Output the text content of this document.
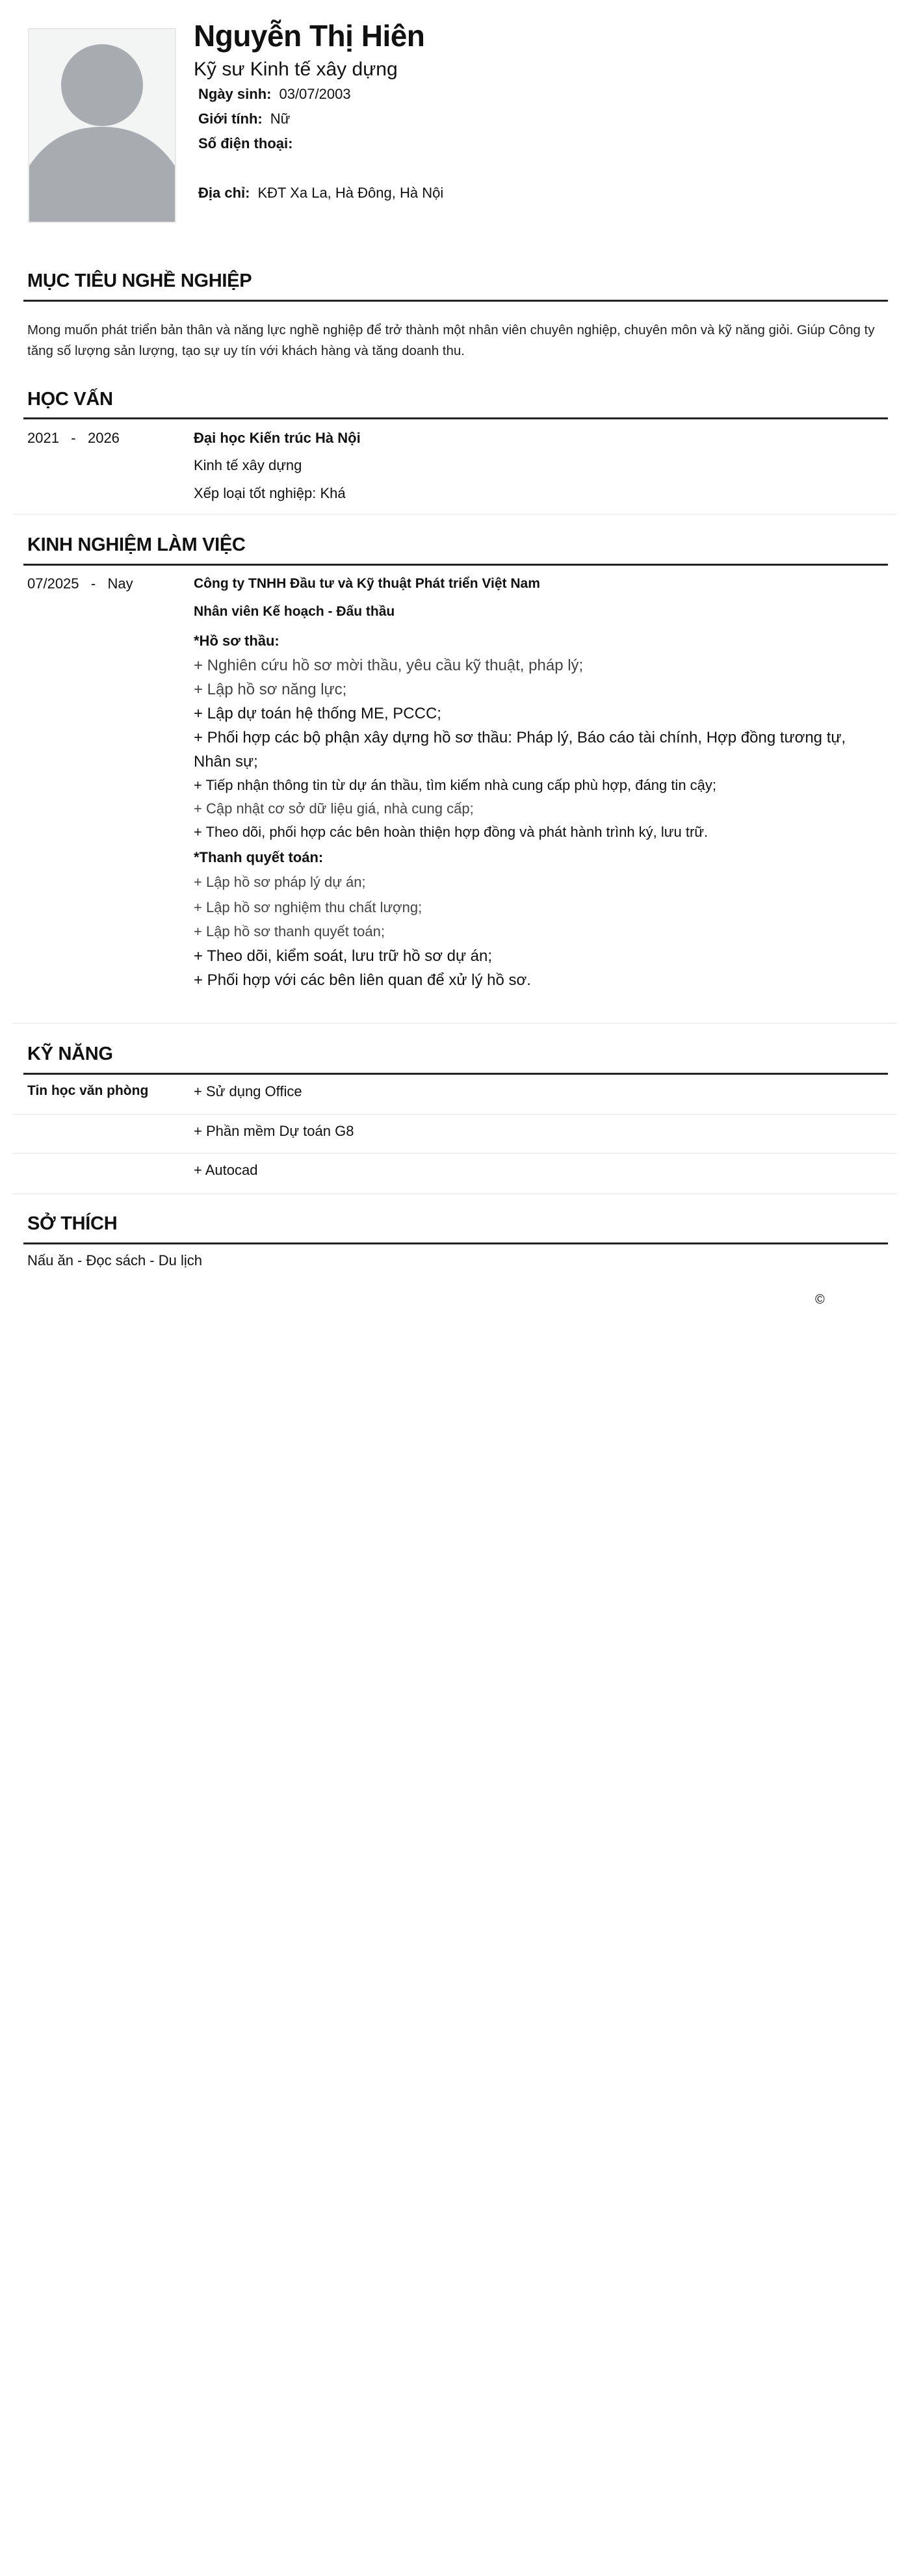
Nguyễn Thị Hiên
Kỹ sư Kinh tế xây dựng
Ngày sinh: 03/07/2003
Giới tính: Nữ
Số điện thoại:
Địa chỉ: KĐT Xa La, Hà Đông, Hà Nội
MỤC TIÊU NGHỀ NGHIỆP
Mong muốn phát triển bản thân và năng lực nghề nghiệp để trở thành một nhân viên chuyên nghiệp, chuyên môn và kỹ năng giỏi. Giúp Công ty tăng số lượng sản lượng, tạo sự uy tín với khách hàng và tăng doanh thu.
HỌC VẤN
2021 - 2026	Đại học Kiến trúc Hà Nội
Kinh tế xây dựng
Xếp loại tốt nghiệp: Khá
KINH NGHIỆM LÀM VIỆC
07/2025 - Nay	Công ty TNHH Đầu tư và Kỹ thuật Phát triển Việt Nam
Nhân viên Kế hoạch - Đấu thầu
*Hồ sơ thầu:
+ Nghiên cứu hồ sơ mời thầu, yêu cầu kỹ thuật, pháp lý;
+ Lập hồ sơ năng lực;
+ Lập dự toán hệ thống ME, PCCC;
+ Phối hợp các bộ phận xây dựng hồ sơ thầu: Pháp lý, Báo cáo tài chính, Hợp đồng tương tự,
Nhân sự;
+ Tiếp nhận thông tin từ dự án thầu, tìm kiếm nhà cung cấp phù hợp, đáng tin cậy;
+ Cập nhật cơ sở dữ liệu giá, nhà cung cấp;
+ Theo dõi, phối hợp các bên hoàn thiện hợp đồng và phát hành trình ký, lưu trữ.
*Thanh quyết toán:
+ Lập hồ sơ pháp lý dự án;
+ Lập hồ sơ nghiệm thu chất lượng;
+ Lập hồ sơ thanh quyết toán;
+ Theo dõi, kiểm soát, lưu trữ hồ sơ dự án;
+ Phối hợp với các bên liên quan để xử lý hồ sơ.
KỸ NĂNG
Tin học văn phòng	+ Sử dụng Office
+ Phần mềm Dự toán G8
+ Autocad
SỞ THÍCH
Nấu ăn - Đọc sách - Du lịch
©
